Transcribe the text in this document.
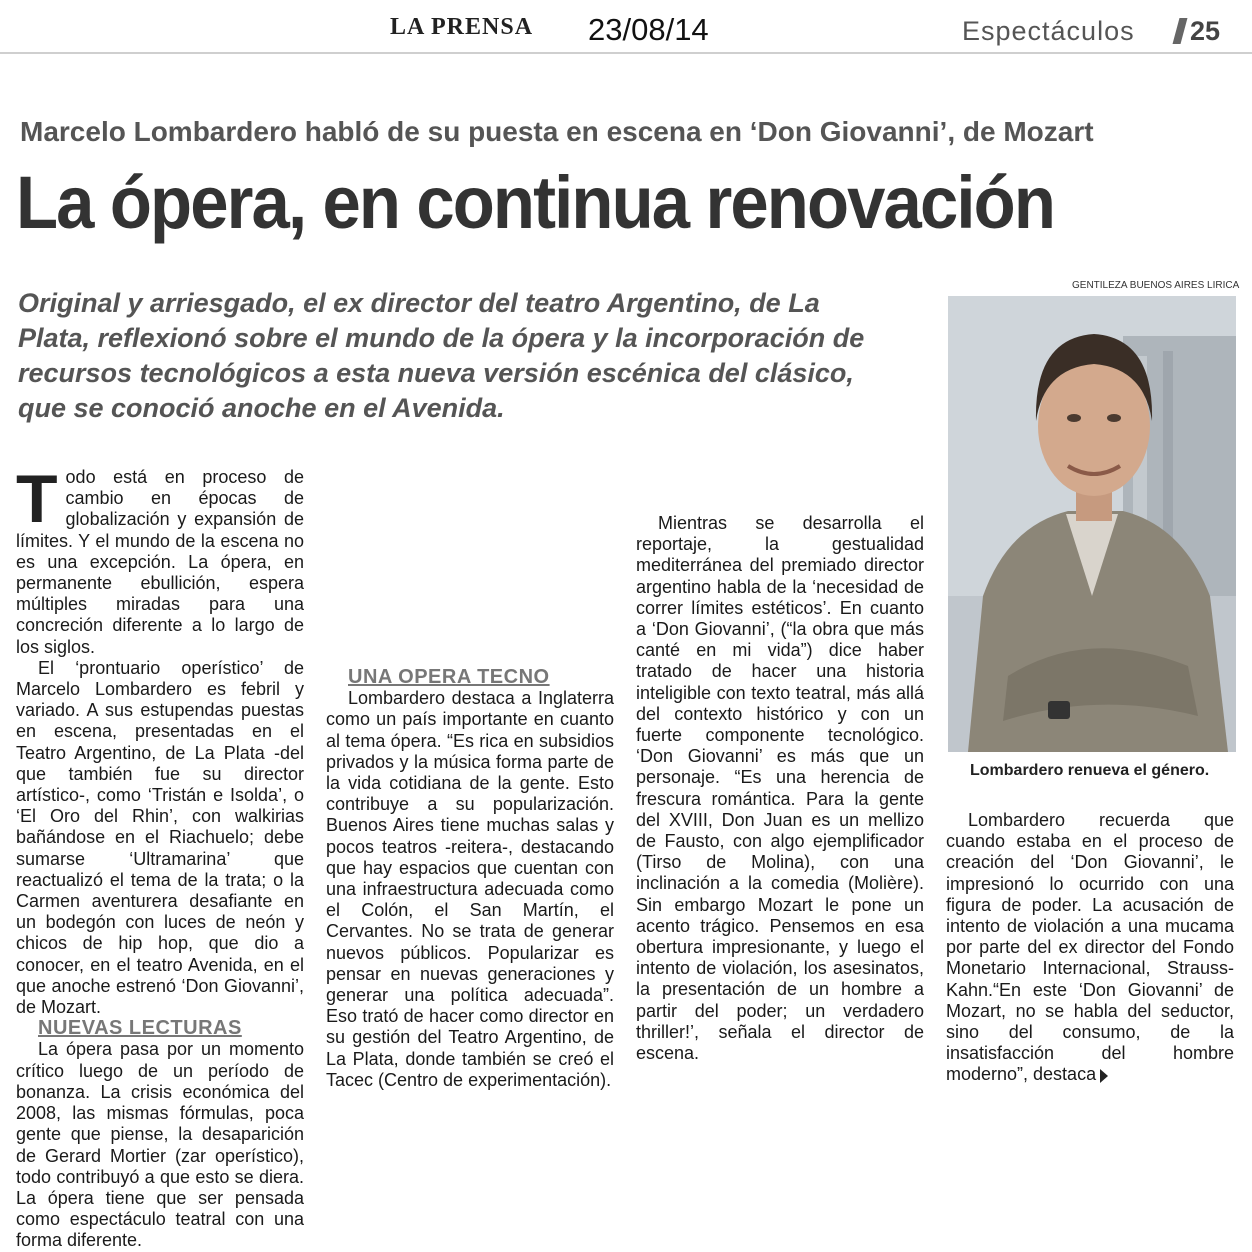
LA PRENSA 23/08/14	Espectáculos 25
Marcelo Lombardero habló de su puesta en escena en ‘Don Giovanni’, de Mozart
La ópera, en continua renovación
Original y arriesgado, el ex director del teatro Argentino, de La Plata, reflexionó sobre el mundo de la ópera y la incorporación de recursos tecnológicos a esta nueva versión escénica del clásico, que se conoció anoche en el Avenida.

Todo está en proceso de cambio en épocas de globalización y expansión de límites. Y el mundo de la escena no es una excepción. La ópera, en permanente ebullición, espera múltiples miradas para una concreción diferente a lo largo de los siglos.

El ‘prontuario operístico’ de Marcelo Lombardero es febril y variado. A sus estupendas puestas en escena, presentadas en el Teatro Argentino, de La Plata -del que también fue su director artístico-, como ‘Tristán e Isolda’, o ‘El Oro del Rhin’, con walkirias bañándose en el Riachuelo; debe sumarse ‘Ultramarina’ que reactualizó el tema de la trata; o la Carmen aventurera desafiante en un bodegón con luces de neón y chicos de hip hop, que dio a conocer, en el teatro Avenida, en el que anoche estrenó ‘Don Giovanni’, de Mozart.

NUEVAS LECTURAS

La ópera pasa por un momento crítico luego de un período de bonanza. La crisis económica del 2008, las mismas fórmulas, poca gente que piense, la desaparición de Gerard Mortier (zar operístico), todo contribuyó a que esto se diera. La ópera tiene que ser pensada como espectáculo teatral con una forma diferente.

UNA OPERA TECNO

Lombardero destaca a Inglaterra como un país importante en cuanto al tema ópera. “Es rica en subsidios privados y la música forma parte de la vida cotidiana de la gente. Esto contribuye a su popularización. Buenos Aires tiene muchas salas y pocos teatros -reitera-, destacando que hay espacios que cuentan con una infraestructura adecuada como el Colón, el San Martín, el Cervantes. No se trata de generar nuevos públicos. Popularizar es pensar en nuevas generaciones y generar una política adecuada”. Eso trató de hacer como director en su gestión del Teatro Argentino, de La Plata, donde también se creó el Tacec (Centro de experimentación).

Mientras se desarrolla el reportaje, la gestualidad mediterránea del premiado director argentino habla de la ‘necesidad de correr límites estéticos’. En cuanto a ‘Don Giovanni’, (“la obra que más canté en mi vida”) dice haber tratado de hacer una historia inteligible con texto teatral, más allá del contexto histórico y con un fuerte componente tecnológico. ‘Don Giovanni’ es más que un personaje. “Es una herencia de frescura romántica. Para la gente del XVIII, Don Juan es un mellizo de Fausto, con algo ejemplificador (Tirso de Molina), con una inclinación a la comedia (Molière). Sin embargo Mozart le pone un acento trágico. Pensemos en esa obertura impresionante, y luego el intento de violación, los asesinatos, la presentación de un hombre a partir del poder; un verdadero thriller!’, señala el director de escena.

GENTILEZA BUENOS AIRES LIRICA
Lombardero renueva el género.

Lombardero recuerda que cuando estaba en el proceso de creación del ‘Don Giovanni’, le impresionó lo ocurrido con una figura de poder. La acusación de intento de violación a una mucama por parte del ex director del Fondo Monetario Internacional, Strauss-Kahn.“En este ‘Don Giovanni’ de Mozart, no se habla del seductor, sino del consumo, de la insatisfacción del hombre moderno”, destaca
